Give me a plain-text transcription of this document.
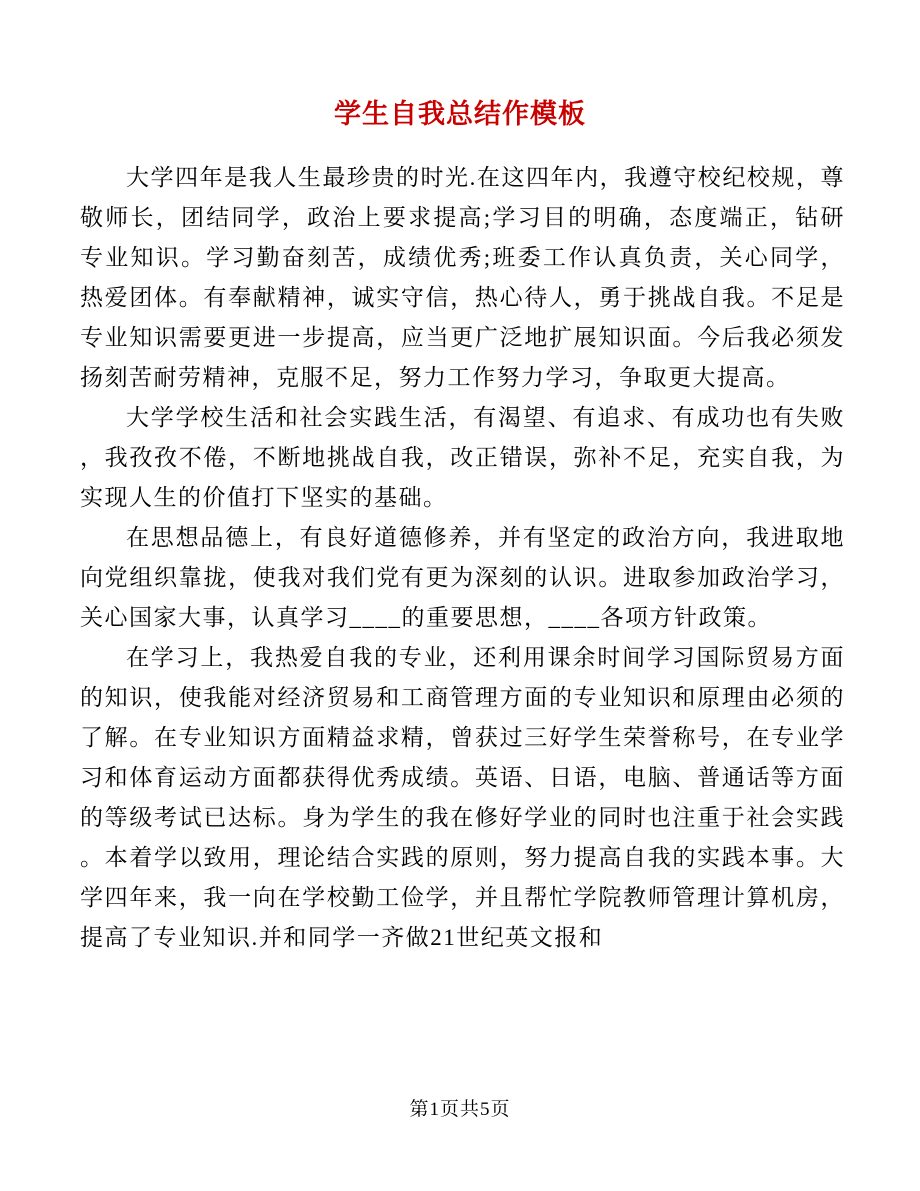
学生自我总结作模板

大学四年是我人生最珍贵的时光.在这四年内，我遵守校纪校规，尊敬师长，团结同学，政治上要求提高;学习目的明确，态度端正，钻研专业知识。学习勤奋刻苦，成绩优秀;班委工作认真负责，关心同学，热爱团体。有奉献精神，诚实守信，热心待人，勇于挑战自我。不足是专业知识需要更进一步提高，应当更广泛地扩展知识面。今后我必须发扬刻苦耐劳精神，克服不足，努力工作努力学习，争取更大提高。

大学学校生活和社会实践生活，有渴望、有追求、有成功也有失败，我孜孜不倦，不断地挑战自我，改正错误，弥补不足，充实自我，为实现人生的价值打下坚实的基础。

在思想品德上，有良好道德修养，并有坚定的政治方向，我进取地向党组织靠拢，使我对我们党有更为深刻的认识。进取参加政治学习，关心国家大事，认真学习____的重要思想，____各项方针政策。

在学习上，我热爱自我的专业，还利用课余时间学习国际贸易方面的知识，使我能对经济贸易和工商管理方面的专业知识和原理由必须的了解。在专业知识方面精益求精，曾获过三好学生荣誉称号，在专业学习和体育运动方面都获得优秀成绩。英语、日语，电脑、普通话等方面的等级考试已达标。身为学生的我在修好学业的同时也注重于社会实践。本着学以致用，理论结合实践的原则，努力提高自我的实践本事。大学四年来，我一向在学校勤工俭学，并且帮忙学院教师管理计算机房，提高了专业知识.并和同学一齐做21世纪英文报和

第1页共5页
